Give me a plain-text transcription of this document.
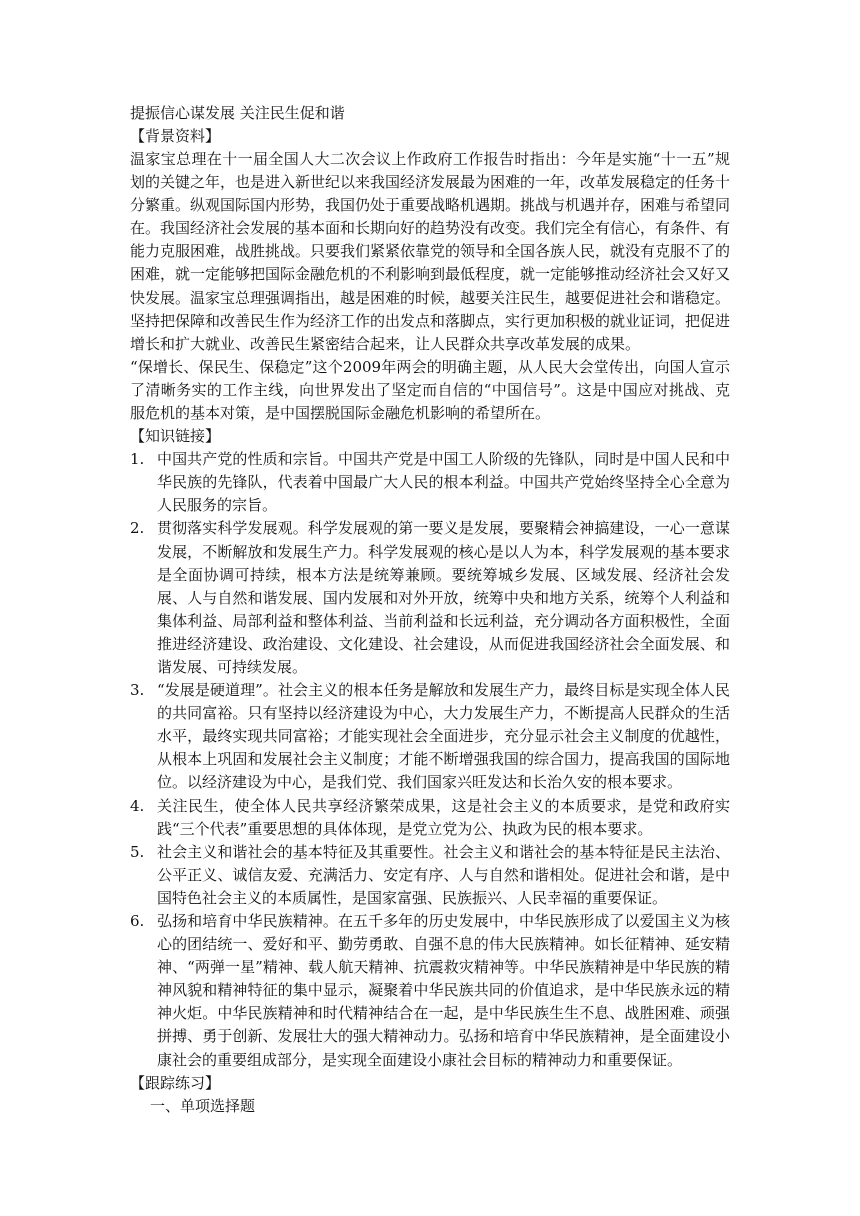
提振信心谋发展 关注民生促和谐
【背景资料】

温家宝总理在十一届全国人大二次会议上作政府工作报告时指出：今年是实施“十一五”规划的关键之年，也是进入新世纪以来我国经济发展最为困难的一年，改革发展稳定的任务十分繁重。纵观国际国内形势，我国仍处于重要战略机遇期。挑战与机遇并存，困难与希望同在。我国经济社会发展的基本面和长期向好的趋势没有改变。我们完全有信心，有条件、有能力克服困难，战胜挑战。只要我们紧紧依靠党的领导和全国各族人民，就没有克服不了的困难，就一定能够把国际金融危机的不利影响到最低程度，就一定能够推动经济社会又好又快发展。温家宝总理强调指出，越是困难的时候，越要关注民生，越要促进社会和谐稳定。坚持把保障和改善民生作为经济工作的出发点和落脚点，实行更加积极的就业证词，把促进增长和扩大就业、改善民生紧密结合起来，让人民群众共享改革发展的成果。

“保增长、保民生、保稳定”这个2009年两会的明确主题，从人民大会堂传出，向国人宣示了清晰务实的工作主线，向世界发出了坚定而自信的“中国信号”。这是中国应对挑战、克服危机的基本对策，是中国摆脱国际金融危机影响的希望所在。

【知识链接】
1. 中国共产党的性质和宗旨。中国共产党是中国工人阶级的先锋队，同时是中国人民和中华民族的先锋队，代表着中国最广大人民的根本利益。中国共产党始终坚持全心全意为人民服务的宗旨。
2. 贯彻落实科学发展观。科学发展观的第一要义是发展，要聚精会神搞建设，一心一意谋发展，不断解放和发展生产力。科学发展观的核心是以人为本，科学发展观的基本要求是全面协调可持续，根本方法是统筹兼顾。要统筹城乡发展、区域发展、经济社会发展、人与自然和谐发展、国内发展和对外开放，统筹中央和地方关系，统筹个人利益和集体利益、局部利益和整体利益、当前利益和长远利益，充分调动各方面积极性，全面推进经济建设、政治建设、文化建设、社会建设，从而促进我国经济社会全面发展、和谐发展、可持续发展。
3. “发展是硬道理”。社会主义的根本任务是解放和发展生产力，最终目标是实现全体人民的共同富裕。只有坚持以经济建设为中心，大力发展生产力，不断提高人民群众的生活水平，最终实现共同富裕；才能实现社会全面进步，充分显示社会主义制度的优越性，从根本上巩固和发展社会主义制度；才能不断增强我国的综合国力，提高我国的国际地位。以经济建设为中心，是我们党、我们国家兴旺发达和长治久安的根本要求。
4. 关注民生，使全体人民共享经济繁荣成果，这是社会主义的本质要求，是党和政府实践“三个代表”重要思想的具体体现，是党立党为公、执政为民的根本要求。
5. 社会主义和谐社会的基本特征及其重要性。社会主义和谐社会的基本特征是民主法治、公平正义、诚信友爱、充满活力、安定有序、人与自然和谐相处。促进社会和谐，是中国特色社会主义的本质属性，是国家富强、民族振兴、人民幸福的重要保证。
6. 弘扬和培育中华民族精神。在五千多年的历史发展中，中华民族形成了以爱国主义为核心的团结统一、爱好和平、勤劳勇敢、自强不息的伟大民族精神。如长征精神、延安精神、“两弹一星”精神、载人航天精神、抗震救灾精神等。中华民族精神是中华民族的精神风貌和精神特征的集中显示，凝聚着中华民族共同的价值追求，是中华民族永远的精神火炬。中华民族精神和时代精神结合在一起，是中华民族生生不息、战胜困难、顽强拼搏、勇于创新、发展壮大的强大精神动力。弘扬和培育中华民族精神，是全面建设小康社会的重要组成部分，是实现全面建设小康社会目标的精神动力和重要保证。
【跟踪练习】
一、单项选择题
